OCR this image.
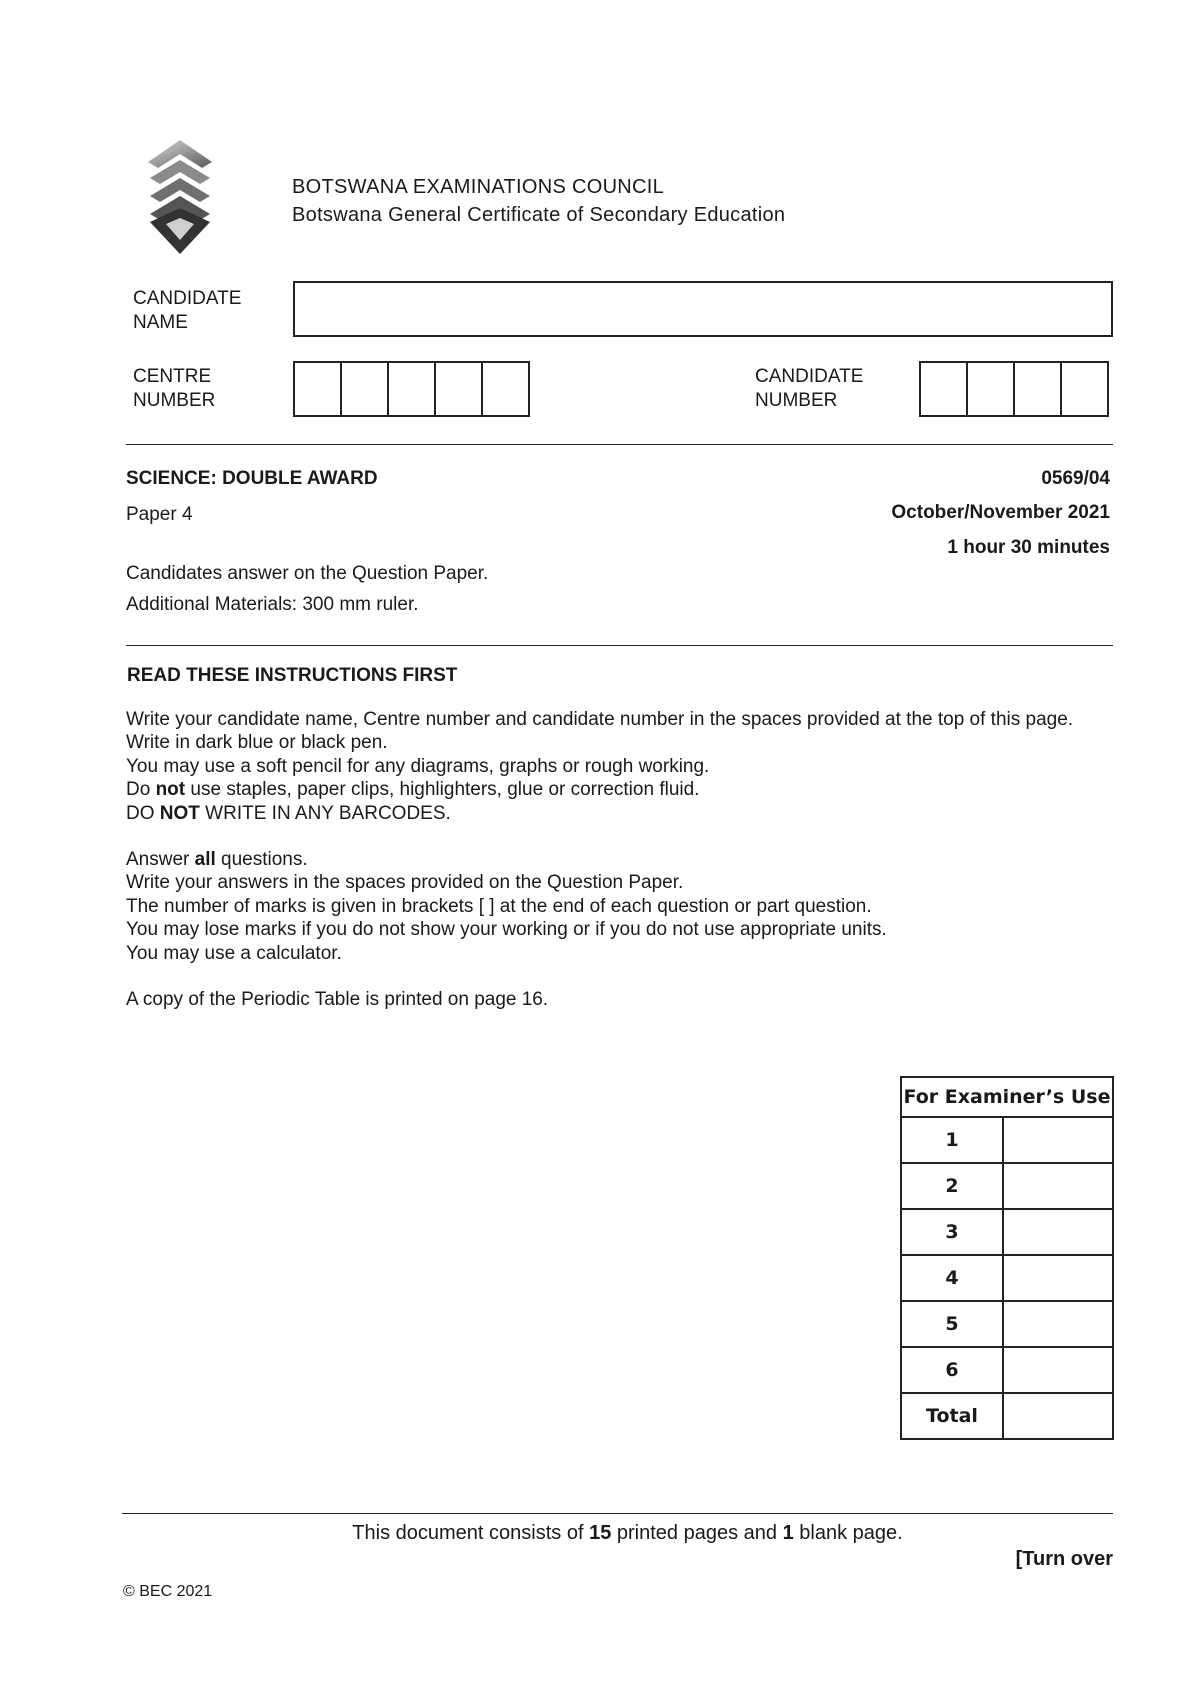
BOTSWANA EXAMINATIONS COUNCIL
Botswana General Certificate of Secondary Education
CANDIDATE
NAME
CENTRE
NUMBER
CANDIDATE
NUMBER
SCIENCE: DOUBLE AWARD	0569/04
Paper 4	October/November 2021
1 hour 30 minutes
Candidates answer on the Question Paper.
Additional Materials: 300 mm ruler.
READ THESE INSTRUCTIONS FIRST

Write your candidate name, Centre number and candidate number in the spaces provided at the top of this page.

Write in dark blue or black pen.

You may use a soft pencil for any diagrams, graphs or rough working.

Do not use staples, paper clips, highlighters, glue or correction fluid.

DO NOT WRITE IN ANY BARCODES.

Answer all questions.

Write your answers in the spaces provided on the Question Paper.

The number of marks is given in brackets [ ] at the end of each question or part question.

You may lose marks if you do not show your working or if you do not use appropriate units.

You may use a calculator.

A copy of the Periodic Table is printed on page 16.

For Examiner’s Use	
1	
2	
3	
4	
5	
6	
Total	
This document consists of 15 printed pages and 1 blank page.
[Turn over
© BEC 2021
